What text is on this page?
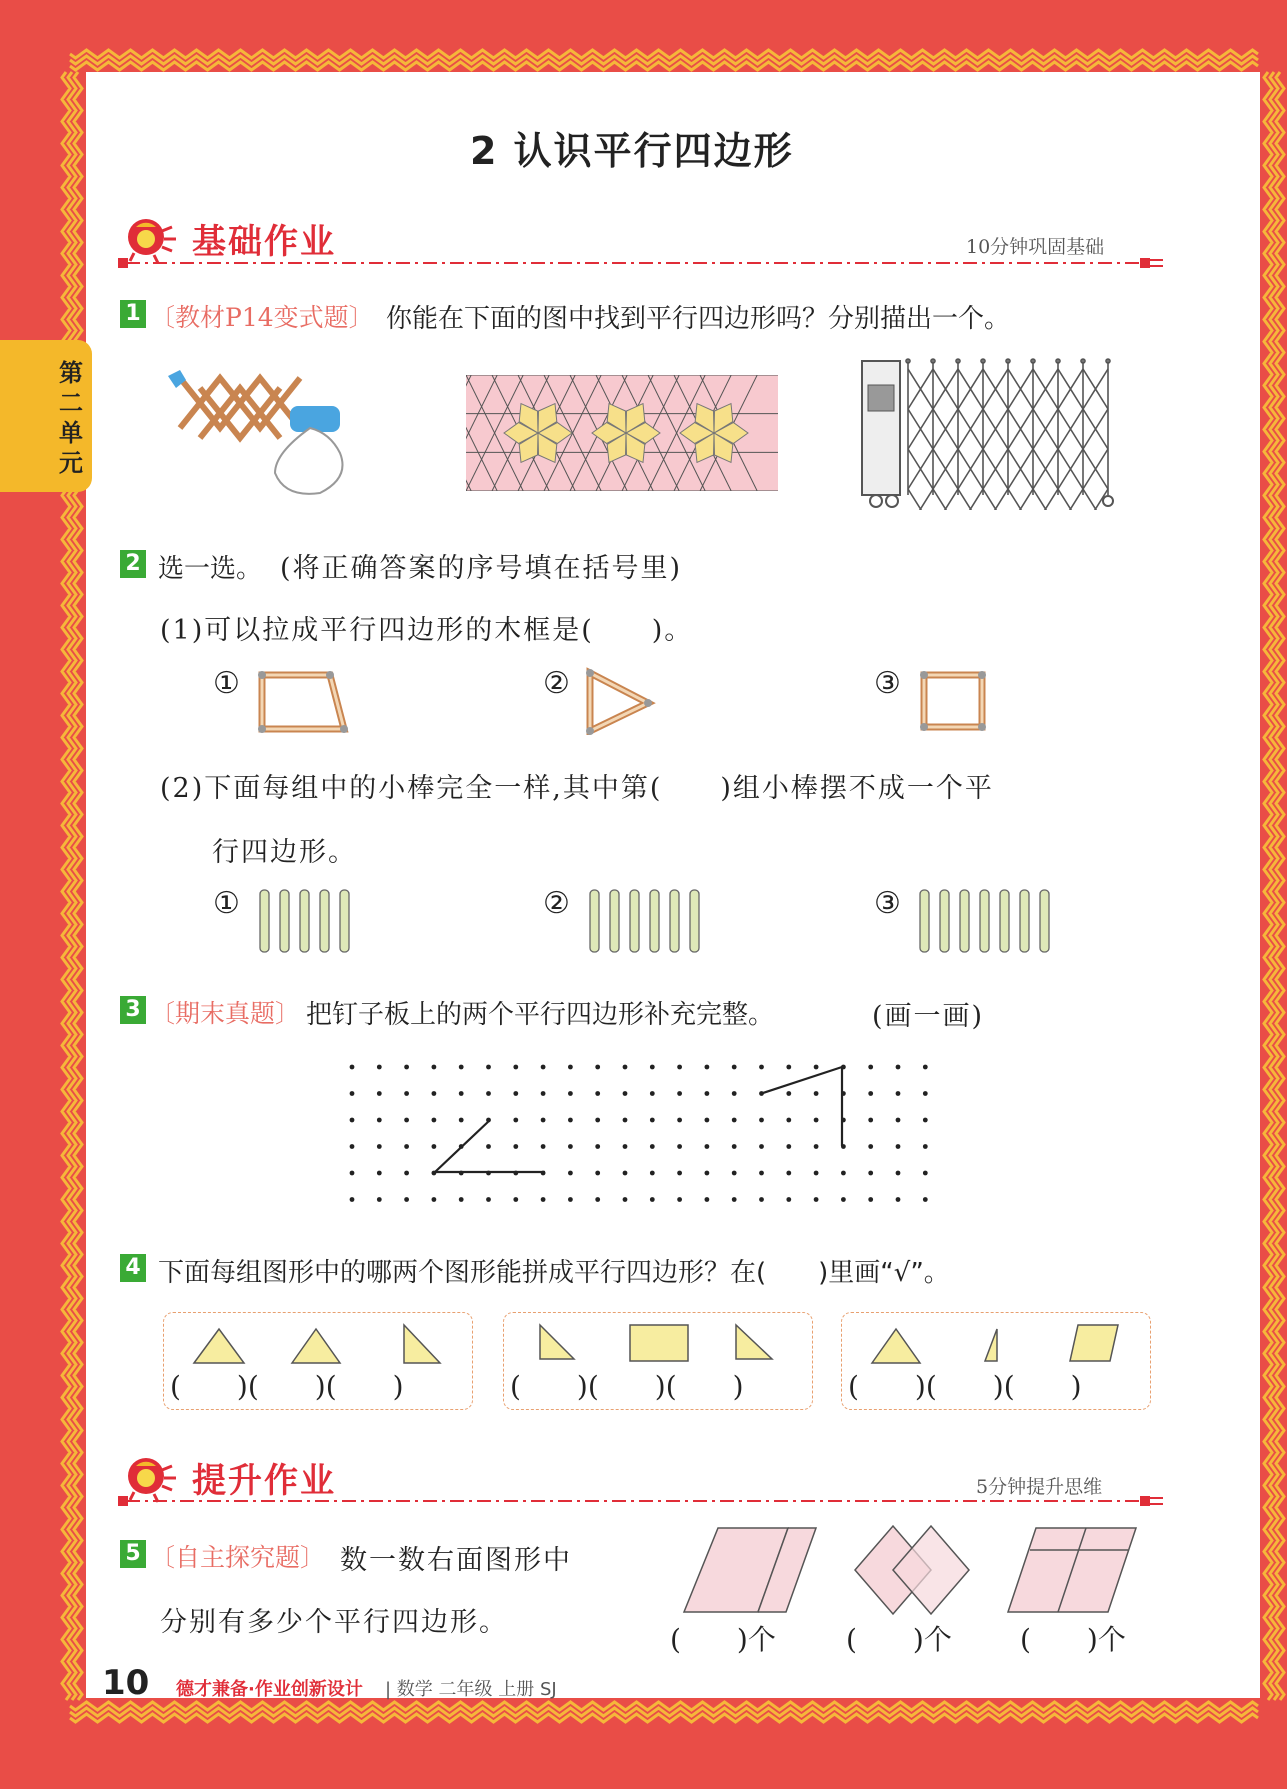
第二单元
2 认识平行四边形
基础作业	10分钟巩固基础
1 〔教材P14变式题〕 你能在下面的图中找到平行四边形吗？分别描出一个。
2 选一选。 (将正确答案的序号填在括号里)
(1)可以拉成平行四边形的木框是(　　)。
①	②	③
(2)下面每组中的小棒完全一样,其中第(　　)组小棒摆不成一个平
行四边形。
①	②	③
3 〔期末真题〕 把钉子板上的两个平行四边形补充完整。	(画一画)
4 下面每组图形中的哪两个图形能拼成平行四边形？在(　　)里画“√”。
(　　)(　　)(　　)	(　　)(　　)(　　)	(　　)(　　)(　　)
提升作业	5分钟提升思维
5 〔自主探究题〕 数一数右面图形中
分别有多少个平行四边形。
(　　)个	(　　)个 (　　)个
10 德才兼备·作业创新设计 | 数学 二年级 上册 SJ
